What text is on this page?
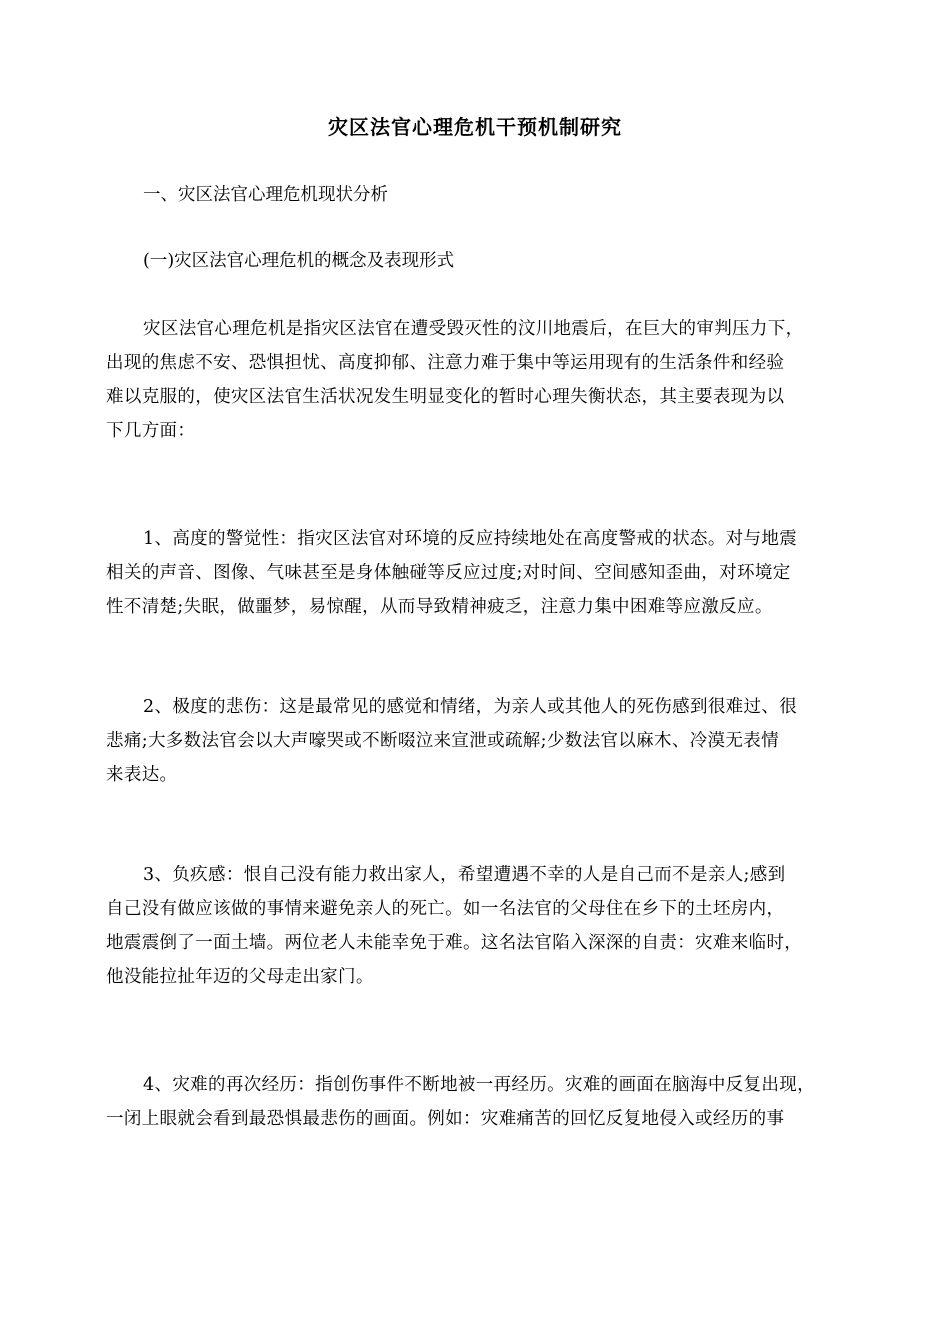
灾区法官心理危机干预机制研究
一、灾区法官心理危机现状分析
(一)灾区法官心理危机的概念及表现形式
灾区法官心理危机是指灾区法官在遭受毁灭性的汶川地震后，在巨大的审判压力下，
出现的焦虑不安、恐惧担忧、高度抑郁、注意力难于集中等运用现有的生活条件和经验
难以克服的，使灾区法官生活状况发生明显变化的暂时心理失衡状态，其主要表现为以
下几方面：
1、高度的警觉性：指灾区法官对环境的反应持续地处在高度警戒的状态。对与地震
相关的声音、图像、气味甚至是身体触碰等反应过度;对时间、空间感知歪曲，对环境定
性不清楚;失眠，做噩梦，易惊醒，从而导致精神疲乏，注意力集中困难等应激反应。
2、极度的悲伤：这是最常见的感觉和情绪，为亲人或其他人的死伤感到很难过、很
悲痛;大多数法官会以大声嚎哭或不断啜泣来宣泄或疏解;少数法官以麻木、冷漠无表情
来表达。
3、负疚感：恨自己没有能力救出家人，希望遭遇不幸的人是自己而不是亲人;感到
自己没有做应该做的事情来避免亲人的死亡。如一名法官的父母住在乡下的土坯房内，
地震震倒了一面土墙。两位老人未能幸免于难。这名法官陷入深深的自责：灾难来临时，
他没能拉扯年迈的父母走出家门。
4、灾难的再次经历：指创伤事件不断地被一再经历。灾难的画面在脑海中反复出现，
一闭上眼就会看到最恐惧最悲伤的画面。例如：灾难痛苦的回忆反复地侵入或经历的事
